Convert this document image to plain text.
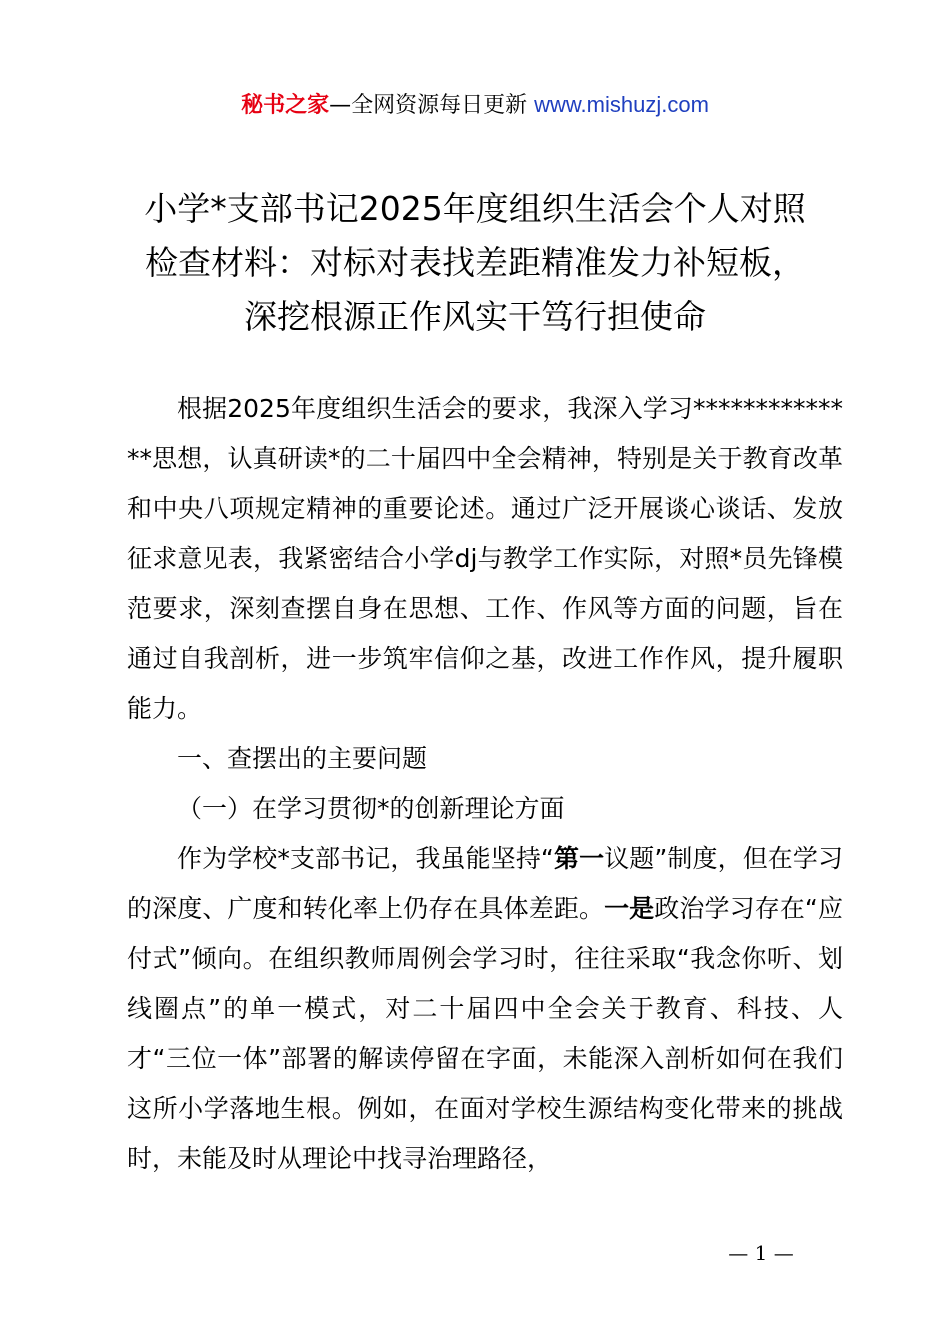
秘书之家—全网资源每日更新 www.mishuzj.com
小学*支部书记2025年度组织生活会个人对照
检查材料：对标对表找差距精准发力补短板，
深挖根源正作风实干笃行担使命

根据2025年度组织生活会的要求，我深入学习**************思想，认真研读*的二十届四中全会精神，特别是关于教育改革和中央八项规定精神的重要论述。通过广泛开展谈心谈话、发放征求意见表，我紧密结合小学dj与教学工作实际，对照*员先锋模范要求，深刻查摆自身在思想、工作、作风等方面的问题，旨在通过自我剖析，进一步筑牢信仰之基，改进工作作风，提升履职能力。

一、查摆出的主要问题

（一）在学习贯彻*的创新理论方面

作为学校*支部书记，我虽能坚持“第一议题”制度，但在学习的深度、广度和转化率上仍存在具体差距。一是政治学习存在“应付式”倾向。在组织教师周例会学习时，往往采取“我念你听、划线圈点”的单一模式，对二十届四中全会关于教育、科技、人才“三位一体”部署的解读停留在字面，未能深入剖析如何在我们这所小学落地生根。例如，在面对学校生源结构变化带来的挑战时，未能及时从理论中找寻治理路径，

— 1 —
